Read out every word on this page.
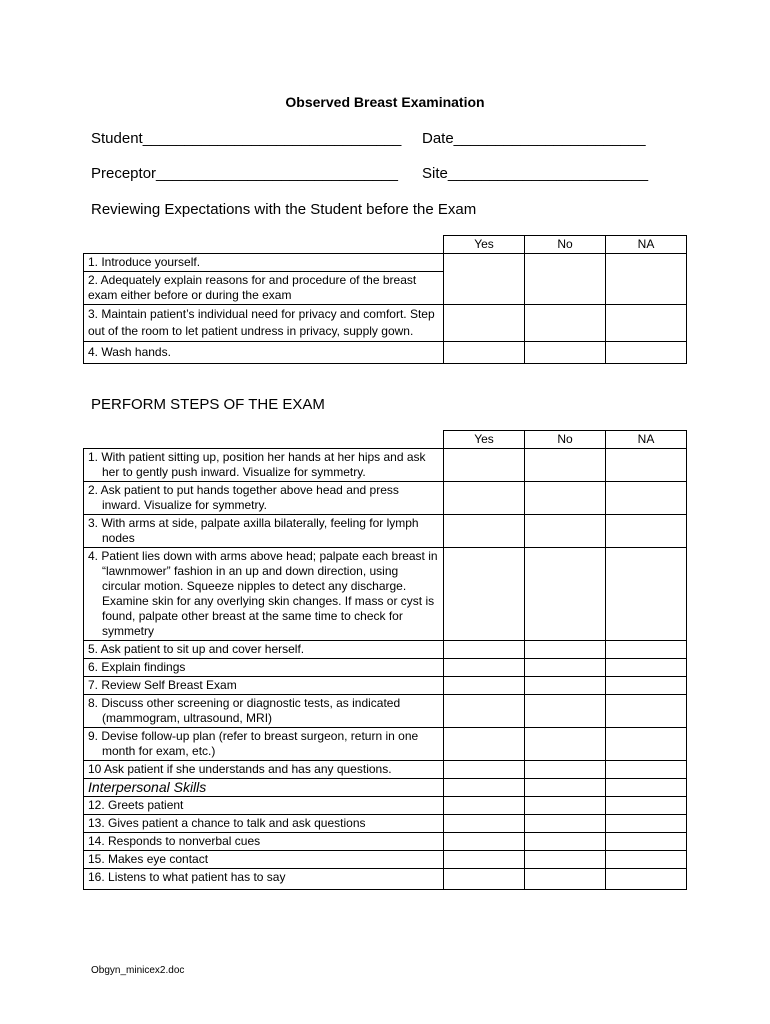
Observed Breast Examination
Student_______________________________ Date_______________________
Preceptor_____________________________ Site________________________
Reviewing Expectations with the Student before the Exam
	Yes	No	NA
1. Introduce yourself.			
2. Adequately explain reasons for and procedure of the breast exam either before or during the exam			
3. Maintain patient’s individual need for privacy and comfort. Step out of the room to let patient undress in privacy, supply gown.			
4. Wash hands.			
PERFORM STEPS OF THE EXAM
	Yes	No	NA

1. With patient sitting up, position her hands at her hips and ask her to gently push inward. Visualize for symmetry.			

2. Ask patient to put hands together above head and press inward. Visualize for symmetry.			

3. With arms at side, palpate axilla bilaterally, feeling for lymph nodes			

4. Patient lies down with arms above head; palpate each breast in “lawnmower” fashion in an up and down direction, using circular motion. Squeeze nipples to detect any discharge. Examine skin for any overlying skin changes. If mass or cyst is found, palpate other breast at the same time to check for symmetry			

5. Ask patient to sit up and cover herself.			

6. Explain findings			

7. Review Self Breast Exam			

8. Discuss other screening or diagnostic tests, as indicated (mammogram, ultrasound, MRI)			

9. Devise follow-up plan (refer to breast surgeon, return in one month for exam, etc.)			

10 Ask patient if she understands and has any questions.			

Interpersonal Skills			

12. Greets patient			

13. Gives patient a chance to talk and ask questions			

14. Responds to nonverbal cues			

15. Makes eye contact			

16. Listens to what patient has to say			

Obgyn_minicex2.doc
